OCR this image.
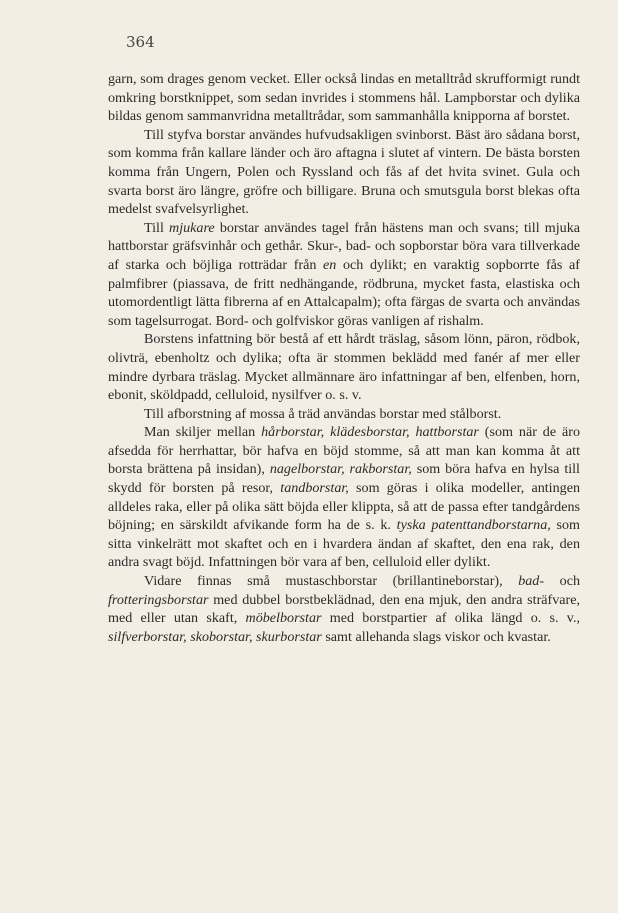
364

garn, som drages genom vecket. Eller också lindas en metalltråd skrufformigt rundt omkring borstknippet, som sedan invrides i stommens hål. Lampborstar och dylika bildas genom sammanvridna metalltrådar, som sammanhålla knipporna af borstet.

Till styfva borstar användes hufvudsakligen svinborst. Bäst äro sådana borst, som komma från kallare länder och äro aftagna i slutet af vintern. De bästa borsten komma från Ungern, Polen och Ryssland och fås af det hvita svinet. Gula och svarta borst äro längre, gröfre och billigare. Bruna och smutsgula borst blekas ofta medelst svafvelsyrlighet.

Till mjukare borstar användes tagel från hästens man och svans; till mjuka hattborstar gräfsvinhår och gethår. Skur-, bad- och sopborstar böra vara tillverkade af starka och böjliga rotträdar från en och dylikt; en varaktig sopborrte fås af palmfibrer (piassava, de fritt nedhängande, rödbruna, mycket fasta, elastiska och utomordentligt lätta fibrerna af en Attalcapalm); ofta färgas de svarta och användas som tagelsurrogat. Bord- och golfviskor göras vanligen af rishalm.

Borstens infattning bör bestå af ett hårdt träslag, såsom lönn, päron, rödbok, olivträ, ebenholtz och dylika; ofta är stommen beklädd med fanér af mer eller mindre dyrbara träslag. Mycket allmännare äro infattningar af ben, elfenben, horn, ebonit, sköldpadd, celluloid, nysilfver o. s. v.

Till afborstning af mossa å träd användas borstar med stålborst.

Man skiljer mellan hårborstar, klädesborstar, hattborstar (som när de äro afsedda för herrhattar, bör hafva en böjd stomme, så att man kan komma åt att borsta brättena på insidan), nagelborstar, rakborstar, som böra hafva en hylsa till skydd för borsten på resor, tandborstar, som göras i olika modeller, antingen alldeles raka, eller på olika sätt böjda eller klippta, så att de passa efter tandgårdens böjning; en särskildt afvikande form ha de s. k. tyska patenttandborstarna, som sitta vinkelrätt mot skaftet och en i hvardera ändan af skaftet, den ena rak, den andra svagt böjd. Infattningen bör vara af ben, celluloid eller dylikt.

Vidare finnas små mustaschborstar (brillantineborstar), bad- och frotteringsborstar med dubbel borstbeklädnad, den ena mjuk, den andra sträfvare, med eller utan skaft, möbelborstar med borstpartier af olika längd o. s. v., silfverborstar, skoborstar, skurborstar samt allehanda slags viskor och kvastar.
